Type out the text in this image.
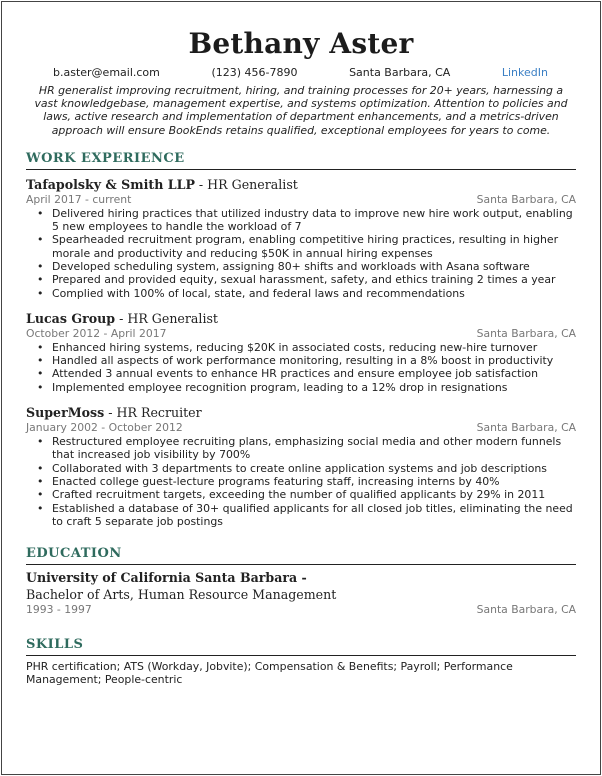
Bethany Aster
b.aster@email.com	(123) 456-7890	Santa Barbara, CA	LinkedIn
HR generalist improving recruitment, hiring, and training processes for 20+ years, harnessing a vast knowledgebase, management expertise, and systems optimization. Attention to policies and laws, active research and implementation of department enhancements, and a metrics-driven approach will ensure BookEnds retains qualified, exceptional employees for years to come.
WORK EXPERIENCE
Tafapolsky & Smith LLP - HR Generalist
April 2017 - current	Santa Barbara, CA
• Delivered hiring practices that utilized industry data to improve new hire work output, enabling 5 new employees to handle the workload of 7
• Spearheaded recruitment program, enabling competitive hiring practices, resulting in higher morale and productivity and reducing $50K in annual hiring expenses
• Developed scheduling system, assigning 80+ shifts and workloads with Asana software
• Prepared and provided equity, sexual harassment, safety, and ethics training 2 times a year
• Complied with 100% of local, state, and federal laws and recommendations
Lucas Group - HR Generalist
October 2012 - April 2017	Santa Barbara, CA
• Enhanced hiring systems, reducing $20K in associated costs, reducing new-hire turnover
• Handled all aspects of work performance monitoring, resulting in a 8% boost in productivity
• Attended 3 annual events to enhance HR practices and ensure employee job satisfaction
• Implemented employee recognition program, leading to a 12% drop in resignations
SuperMoss - HR Recruiter
January 2002 - October 2012	Santa Barbara, CA
• Restructured employee recruiting plans, emphasizing social media and other modern funnels that increased job visibility by 700%
• Collaborated with 3 departments to create online application systems and job descriptions
• Enacted college guest-lecture programs featuring staff, increasing interns by 40%
• Crafted recruitment targets, exceeding the number of qualified applicants by 29% in 2011
• Established a database of 30+ qualified applicants for all closed job titles, eliminating the need to craft 5 separate job postings
EDUCATION
University of California Santa Barbara -
Bachelor of Arts, Human Resource Management
1993 - 1997	Santa Barbara, CA
SKILLS
PHR certification; ATS (Workday, Jobvite); Compensation & Benefits; Payroll; Performance Management; People-centric
